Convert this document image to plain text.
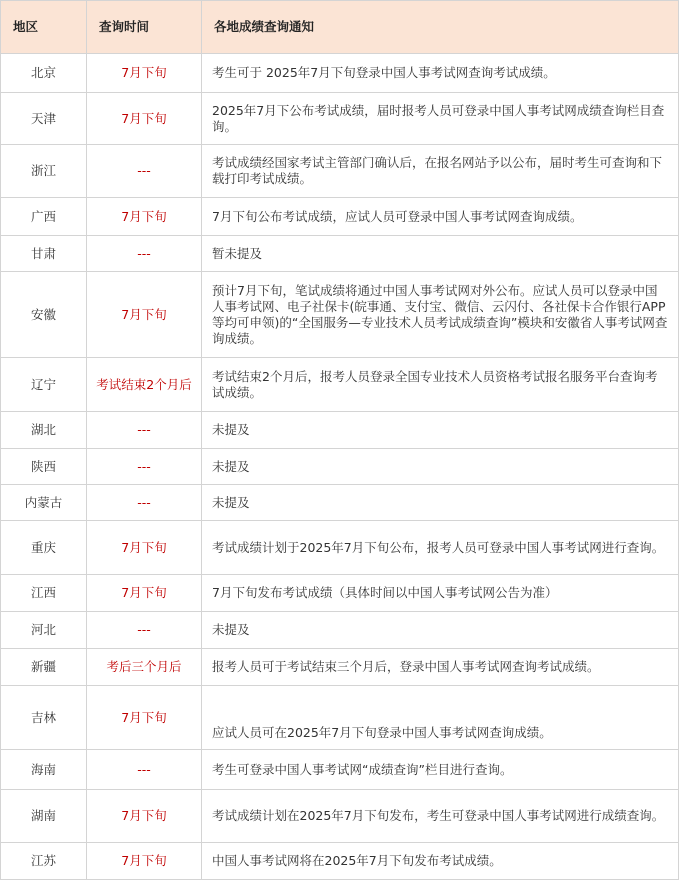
地区	查询时间	各地成绩查询通知
北京	7月下旬	考生可于 2025年7月下旬登录中国人事考试网查询考试成绩。
天津	7月下旬	2025年7月下公布考试成绩，届时报考人员可登录中国人事考试网成绩查询栏目查询。
浙江	---	考试成绩经国家考试主管部门确认后，在报名网站予以公布，届时考生可查询和下载打印考试成绩。
广西	7月下旬	7月下旬公布考试成绩，应试人员可登录中国人事考试网查询成绩。
甘肃	---	暂未提及
安徽	7月下旬	预计7月下旬，笔试成绩将通过中国人事考试网对外公布。应试人员可以登录中国人事考试网、电子社保卡(皖事通、支付宝、微信、云闪付、各社保卡合作银行APP等均可申领)的“全国服务—专业技术人员考试成绩查询”模块和安徽省人事考试网查询成绩。
辽宁	考试结束2个月后	考试结束2个月后，报考人员登录全国专业技术人员资格考试报名服务平台查询考试成绩。
湖北	---	未提及
陕西	---	未提及
内蒙古	---	未提及
重庆	7月下旬	考试成绩计划于2025年7月下旬公布，报考人员可登录中国人事考试网进行查询。
江西	7月下旬	7月下旬发布考试成绩（具体时间以中国人事考试网公告为准）
河北	---	未提及
新疆	考后三个月后	报考人员可于考试结束三个月后，登录中国人事考试网查询考试成绩。
吉林	7月下旬	应试人员可在2025年7月下旬登录中国人事考试网查询成绩。
海南	---	考生可登录中国人事考试网“成绩查询”栏目进行查询。
湖南	7月下旬	考试成绩计划在2025年7月下旬发布，考生可登录中国人事考试网进行成绩查询。
江苏	7月下旬	中国人事考试网将在2025年7月下旬发布考试成绩。
